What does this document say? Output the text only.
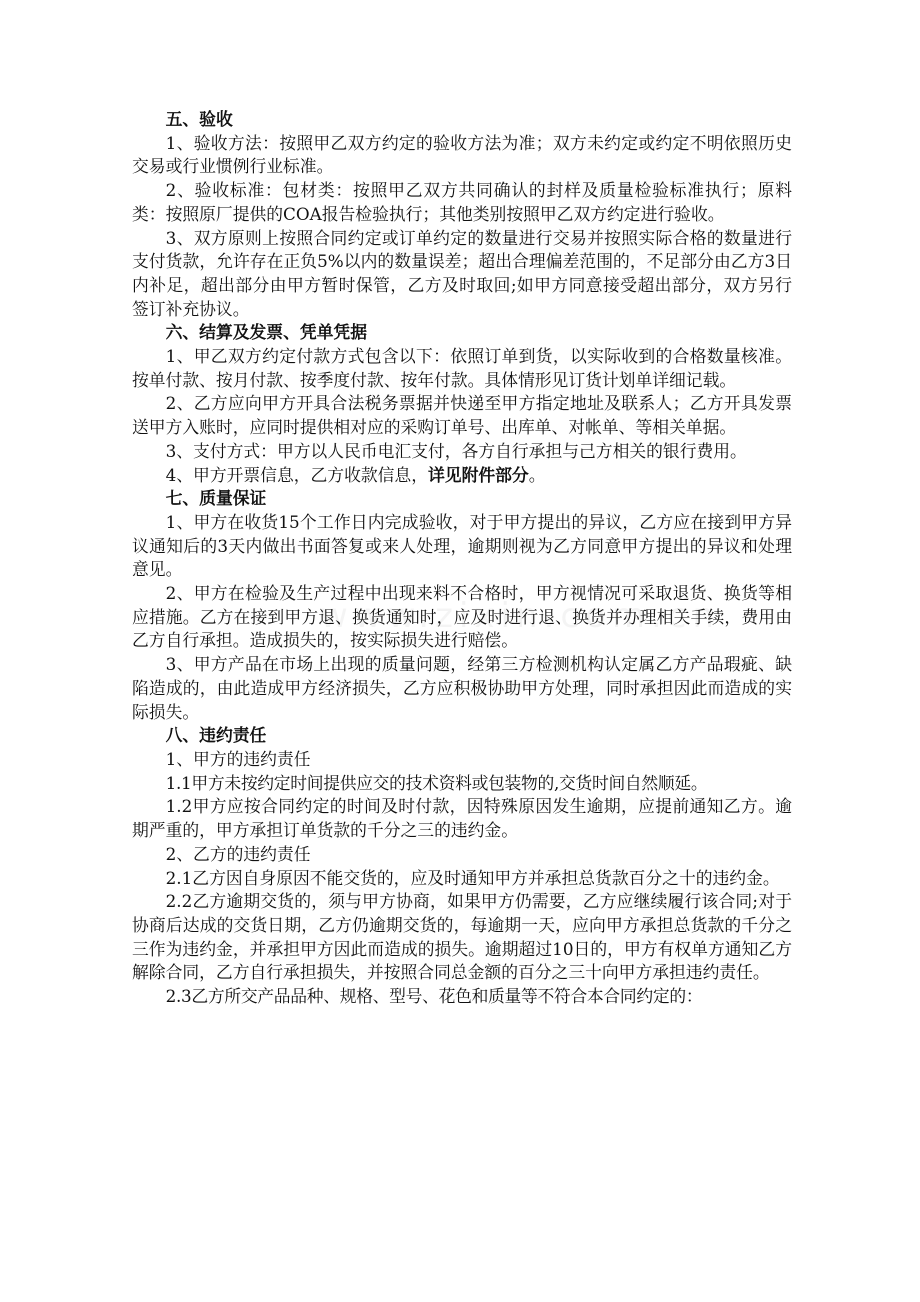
五、验收

1、验收方法：按照甲乙双方约定的验收方法为准；双方未约定或约定不明依照历史交易或行业惯例行业标准。

2、验收标准：包材类：按照甲乙双方共同确认的封样及质量检验标准执行；原料类：按照原厂提供的COA报告检验执行；其他类别按照甲乙双方约定进行验收。

3、双方原则上按照合同约定或订单约定的数量进行交易并按照实际合格的数量进行支付货款，允许存在正负5%以内的数量误差；超出合理偏差范围的，不足部分由乙方3日内补足，超出部分由甲方暂时保管，乙方及时取回;如甲方同意接受超出部分，双方另行签订补充协议。

六、结算及发票、凭单凭据

1、甲乙双方约定付款方式包含以下：依照订单到货，以实际收到的合格数量核准。按单付款、按月付款、按季度付款、按年付款。具体情形见订货计划单详细记载。

2、乙方应向甲方开具合法税务票据并快递至甲方指定地址及联系人；乙方开具发票送甲方入账时，应同时提供相对应的采购订单号、出库单、对帐单、等相关单据。

3、支付方式：甲方以人民币电汇支付，各方自行承担与己方相关的银行费用。

4、甲方开票信息，乙方收款信息，详见附件部分。

七、质量保证

1、甲方在收货15个工作日内完成验收，对于甲方提出的异议，乙方应在接到甲方异议通知后的3天内做出书面答复或来人处理，逾期则视为乙方同意甲方提出的异议和处理意见。

2、甲方在检验及生产过程中出现来料不合格时，甲方视情况可采取退货、换货等相应措施。乙方在接到甲方退、换货通知时，应及时进行退、换货并办理相关手续，费用由乙方自行承担。造成损失的，按实际损失进行赔偿。

3、甲方产品在市场上出现的质量问题，经第三方检测机构认定属乙方产品瑕疵、缺陷造成的，由此造成甲方经济损失，乙方应积极协助甲方处理，同时承担因此而造成的实际损失。

八、违约责任

1、甲方的违约责任

1.1甲方未按约定时间提供应交的技术资料或包装物的,交货时间自然顺延。

1.2甲方应按合同约定的时间及时付款，因特殊原因发生逾期，应提前通知乙方。逾期严重的，甲方承担订单货款的千分之三的违约金。

2、乙方的违约责任

2.1乙方因自身原因不能交货的，应及时通知甲方并承担总货款百分之十的违约金。

2.2乙方逾期交货的，须与甲方协商，如果甲方仍需要，乙方应继续履行该合同;对于协商后达成的交货日期，乙方仍逾期交货的，每逾期一天，应向甲方承担总货款的千分之三作为违约金，并承担甲方因此而造成的损失。逾期超过10日的，甲方有权单方通知乙方解除合同，乙方自行承担损失，并按照合同总金额的百分之三十向甲方承担违约责任。

2.3乙方所交产品品种、规格、型号、花色和质量等不符合本合同约定的：
